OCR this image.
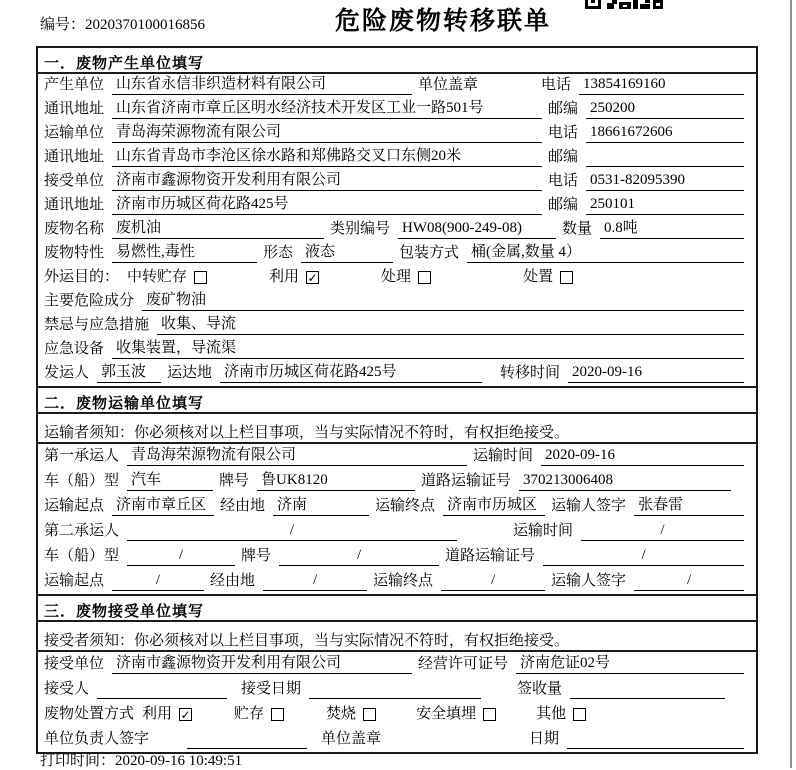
编号：2020370100016856	危险废物转移联单
一．废物产生单位填写
产生单位 山东省永信非织造材料有限公司	单位盖章	电话 13854169160
通讯地址 山东省济南市章丘区明水经济技术开发区工业一路501号	邮编 250200
运输单位 青岛海荣源物流有限公司	电话 18661672606
通讯地址 山东省青岛市李沧区徐水路和郑佛路交叉口东侧20米	邮编
接受单位 济南市鑫源物资开发利用有限公司	电话 0531-82095390
通讯地址 济南市历城区荷花路425号	邮编 250101
废物名称 废机油	类别编号 HW08(900-249-08)	数量 0.8吨
废物特性 易燃性,毒性	形态 液态	包装方式 桶(金属,数量 4）
外运目的： 中转贮存	利用 ✓	处理	处置
主要危险成分 废矿物油
禁忌与应急措施 收集、导流
应急设备 收集装置，导流渠
发运人 郭玉波	运达地 济南市历城区荷花路425号	转移时间 2020-09-16
二．废物运输单位填写
运输者须知：你必须核对以上栏目事项，当与实际情况不符时，有权拒绝接受。
第一承运人 青岛海荣源物流有限公司	运输时间 2020-09-16
车（船）型 汽车	牌号 鲁UK8120	道路运输证号 370213006408
运输起点 济南市章丘区 经由地 济南	运输终点 济南市历城区 运输人签字 张春雷
第二承运人	/	运输时间	/
车（船）型	/	牌号	/	道路运输证号	/
运输起点	/	经由地	/	运输终点	/	运输人签字	/
三．废物接受单位填写
接受者须知：你必须核对以上栏目事项，当与实际情况不符时，有权拒绝接受。
接受单位 济南市鑫源物资开发利用有限公司	经营许可证号 济南危证02号
接受人	接受日期	签收量
废物处置方式 利用 ✓	贮存	焚烧	安全填埋	其他
单位负责人签字	单位盖章	日期
打印时间：2020-09-16 10:49:51
